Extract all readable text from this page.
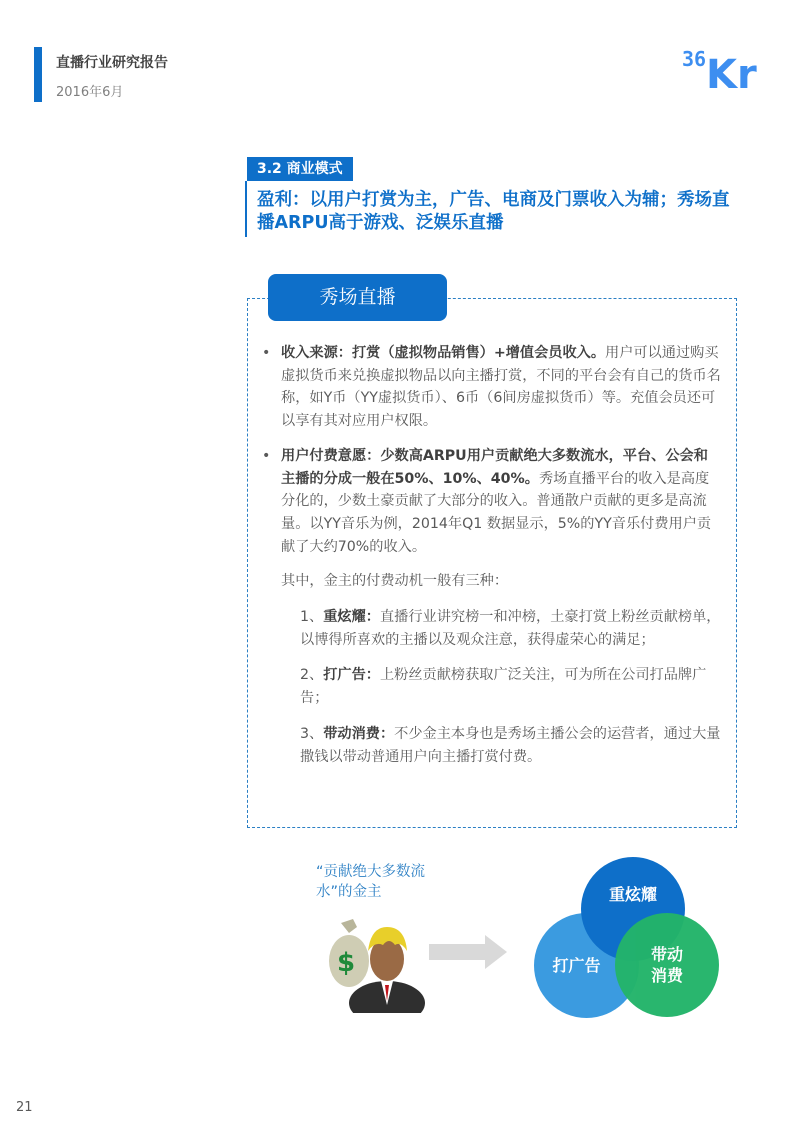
直播行业研究报告
2016年6月
36 Kr
3.2 商业模式
盈利：以用户打赏为主，广告、电商及门票收入为辅；秀场直播ARPU高于游戏、泛娱乐直播
秀场直播
• 收入来源：打赏（虚拟物品销售）+增值会员收入。用户可以通过购买虚拟货币来兑换虚拟物品以向主播打赏，不同的平台会有自己的货币名称，如Y币（YY虚拟货币）、6币（6间房虚拟货币）等。充值会员还可以享有其对应用户权限。
• 用户付费意愿：少数高ARPU用户贡献绝大多数流水，平台、公会和主播的分成一般在50%、10%、40%。秀场直播平台的收入是高度分化的，少数土豪贡献了大部分的收入。普通散户贡献的更多是高流量。以YY音乐为例，2014年Q1 数据显示，5%的YY音乐付费用户贡献了大约70%的收入。
其中，金主的付费动机一般有三种：
1、重炫耀：直播行业讲究榜一和冲榜，土豪打赏上粉丝贡献榜单，以博得所喜欢的主播以及观众注意，获得虚荣心的满足；
2、打广告：上粉丝贡献榜获取广泛关注，可为所在公司打品牌广告；
3、带动消费：不少金主本身也是秀场主播公会的运营者，通过大量撒钱以带动普通用户向主播打赏付费。
“贡献绝大多数流水”的金主
$	打广告
重炫耀
带动消费
21
